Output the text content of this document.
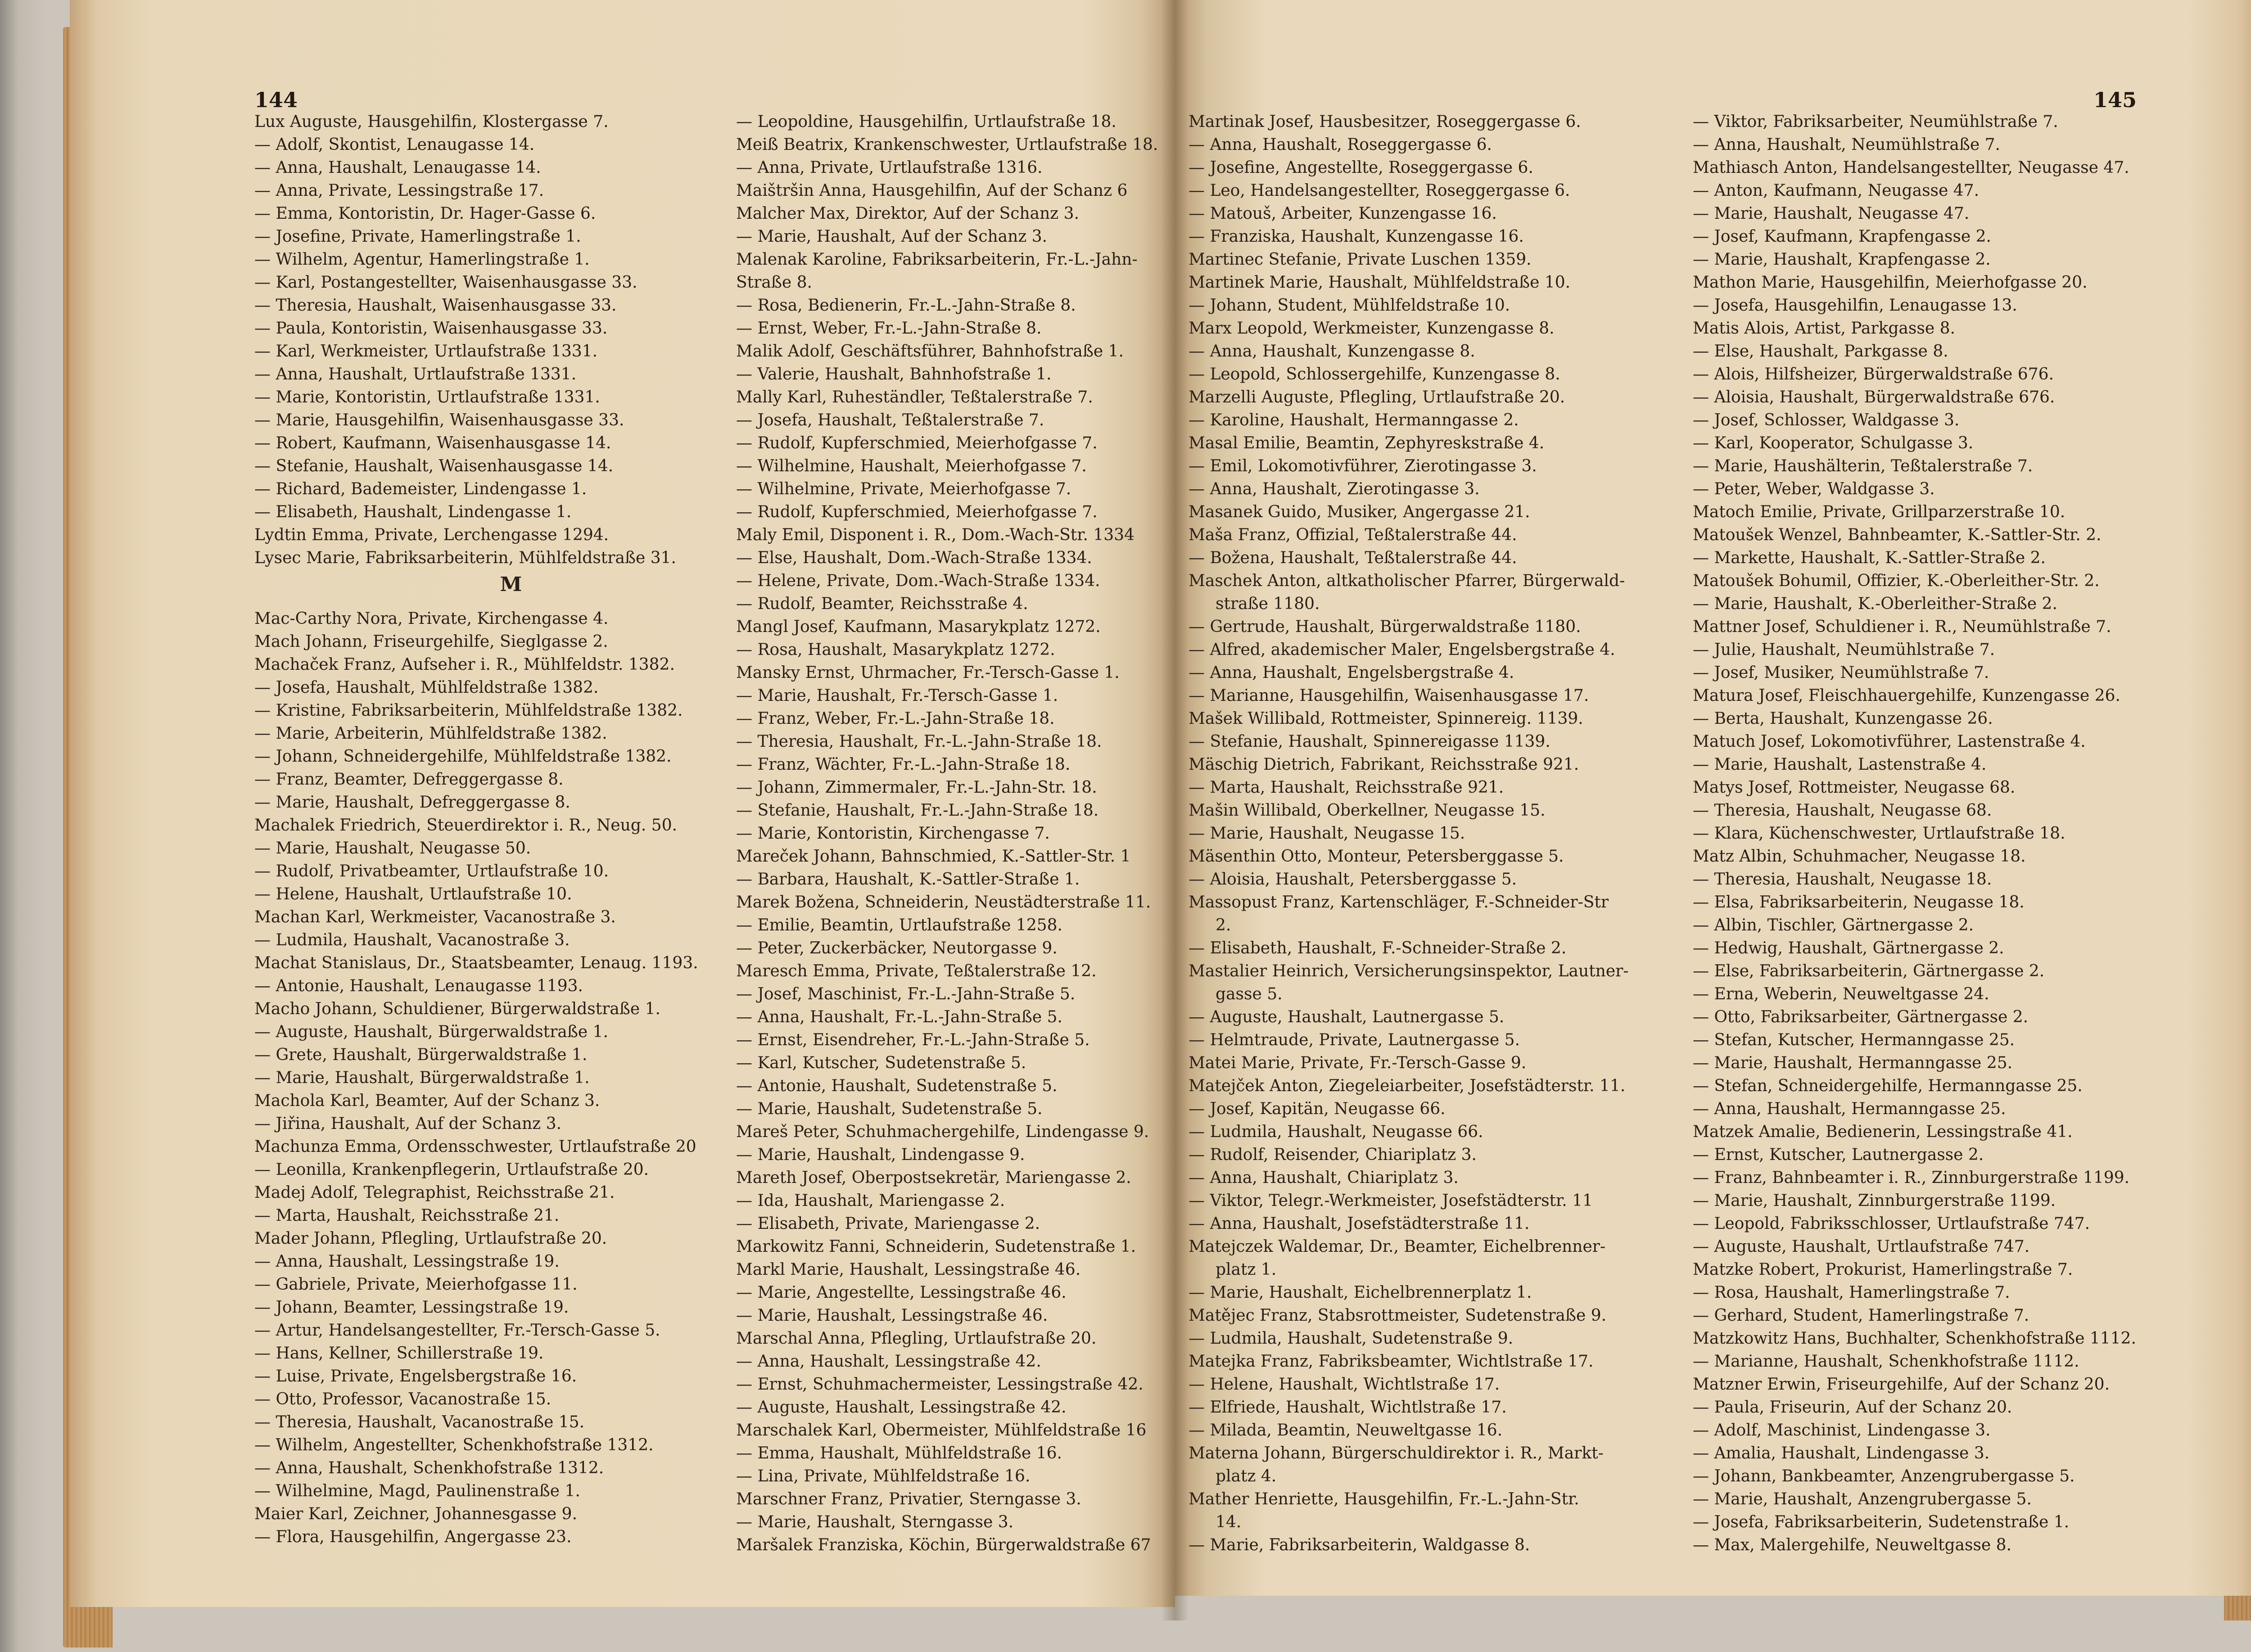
144
Lux Auguste, Hausgehilfin, Klostergasse 7.
— Adolf, Skontist, Lenaugasse 14.
— Anna, Haushalt, Lenaugasse 14.
— Anna, Private, Lessingstraße 17.
— Emma, Kontoristin, Dr. Hager-Gasse 6.
— Josefine, Private, Hamerlingstraße 1.
— Wilhelm, Agentur, Hamerlingstraße 1.
— Karl, Postangestellter, Waisenhausgasse 33.
— Theresia, Haushalt, Waisenhausgasse 33.
— Paula, Kontoristin, Waisenhausgasse 33.
— Karl, Werkmeister, Urtlaufstraße 1331.
— Anna, Haushalt, Urtlaufstraße 1331.
— Marie, Kontoristin, Urtlaufstraße 1331.
— Marie, Hausgehilfin, Waisenhausgasse 33.
— Robert, Kaufmann, Waisenhausgasse 14.
— Stefanie, Haushalt, Waisenhausgasse 14.
— Richard, Bademeister, Lindengasse 1.
— Elisabeth, Haushalt, Lindengasse 1.
Lydtin Emma, Private, Lerchengasse 1294.
Lysec Marie, Fabriksarbeiterin, Mühlfeldstraße 31.
M
Mac-Carthy Nora, Private, Kirchengasse 4.
Mach Johann, Friseurgehilfe, Sieglgasse 2.
Machaček Franz, Aufseher i. R., Mühlfeldstr. 1382.
— Josefa, Haushalt, Mühlfeldstraße 1382.
— Kristine, Fabriksarbeiterin, Mühlfeldstraße 1382.
— Marie, Arbeiterin, Mühlfeldstraße 1382.
— Johann, Schneidergehilfe, Mühlfeldstraße 1382.
— Franz, Beamter, Defreggergasse 8.
— Marie, Haushalt, Defreggergasse 8.
Machalek Friedrich, Steuerdirektor i. R., Neug. 50.
— Marie, Haushalt, Neugasse 50.
— Rudolf, Privatbeamter, Urtlaufstraße 10.
— Helene, Haushalt, Urtlaufstraße 10.
Machan Karl, Werkmeister, Vacanostraße 3.
— Ludmila, Haushalt, Vacanostraße 3.
Machat Stanislaus, Dr., Staatsbeamter, Lenaug. 1193.
— Antonie, Haushalt, Lenaugasse 1193.
Macho Johann, Schuldiener, Bürgerwaldstraße 1.
— Auguste, Haushalt, Bürgerwaldstraße 1.
— Grete, Haushalt, Bürgerwaldstraße 1.
— Marie, Haushalt, Bürgerwaldstraße 1.
Machola Karl, Beamter, Auf der Schanz 3.
— Jiřina, Haushalt, Auf der Schanz 3.
Machunza Emma, Ordensschwester, Urtlaufstraße 20
— Leonilla, Krankenpflegerin, Urtlaufstraße 20.
Madej Adolf, Telegraphist, Reichsstraße 21.
— Marta, Haushalt, Reichsstraße 21.
Mader Johann, Pflegling, Urtlaufstraße 20.
— Anna, Haushalt, Lessingstraße 19.
— Gabriele, Private, Meierhofgasse 11.
— Johann, Beamter, Lessingstraße 19.
— Artur, Handelsangestellter, Fr.-Tersch-Gasse 5.
— Hans, Kellner, Schillerstraße 19.
— Luise, Private, Engelsbergstraße 16.
— Otto, Professor, Vacanostraße 15.
— Theresia, Haushalt, Vacanostraße 15.
— Wilhelm, Angestellter, Schenkhofstraße 1312.
— Anna, Haushalt, Schenkhofstraße 1312.
— Wilhelmine, Magd, Paulinenstraße 1.
Maier Karl, Zeichner, Johannesgasse 9.
— Flora, Hausgehilfin, Angergasse 23.
— Leopoldine, Hausgehilfin, Urtlaufstraße 18.
Meiß Beatrix, Krankenschwester, Urtlaufstraße 18.
— Anna, Private, Urtlaufstraße 1316.
Maištršin Anna, Hausgehilfin, Auf der Schanz 6
Malcher Max, Direktor, Auf der Schanz 3.
— Marie, Haushalt, Auf der Schanz 3.
Malenak Karoline, Fabriksarbeiterin, Fr.-L.-Jahn-
Straße 8.
— Rosa, Bedienerin, Fr.-L.-Jahn-Straße 8.
— Ernst, Weber, Fr.-L.-Jahn-Straße 8.
Malik Adolf, Geschäftsführer, Bahnhofstraße 1.
— Valerie, Haushalt, Bahnhofstraße 1.
Mally Karl, Ruheständler, Teßtalerstraße 7.
— Josefa, Haushalt, Teßtalerstraße 7.
— Rudolf, Kupferschmied, Meierhofgasse 7.
— Wilhelmine, Haushalt, Meierhofgasse 7.
— Wilhelmine, Private, Meierhofgasse 7.
— Rudolf, Kupferschmied, Meierhofgasse 7.
Maly Emil, Disponent i. R., Dom.-Wach-Str. 1334
— Else, Haushalt, Dom.-Wach-Straße 1334.
— Helene, Private, Dom.-Wach-Straße 1334.
— Rudolf, Beamter, Reichsstraße 4.
Mangl Josef, Kaufmann, Masarykplatz 1272.
— Rosa, Haushalt, Masarykplatz 1272.
Mansky Ernst, Uhrmacher, Fr.-Tersch-Gasse 1.
— Marie, Haushalt, Fr.-Tersch-Gasse 1.
— Franz, Weber, Fr.-L.-Jahn-Straße 18.
— Theresia, Haushalt, Fr.-L.-Jahn-Straße 18.
— Franz, Wächter, Fr.-L.-Jahn-Straße 18.
— Johann, Zimmermaler, Fr.-L.-Jahn-Str. 18.
— Stefanie, Haushalt, Fr.-L.-Jahn-Straße 18.
— Marie, Kontoristin, Kirchengasse 7.
Mareček Johann, Bahnschmied, K.-Sattler-Str. 1
— Barbara, Haushalt, K.-Sattler-Straße 1.
Marek Božena, Schneiderin, Neustädterstraße 11.
— Emilie, Beamtin, Urtlaufstraße 1258.
— Peter, Zuckerbäcker, Neutorgasse 9.
Maresch Emma, Private, Teßtalerstraße 12.
— Josef, Maschinist, Fr.-L.-Jahn-Straße 5.
— Anna, Haushalt, Fr.-L.-Jahn-Straße 5.
— Ernst, Eisendreher, Fr.-L.-Jahn-Straße 5.
— Karl, Kutscher, Sudetenstraße 5.
— Antonie, Haushalt, Sudetenstraße 5.
— Marie, Haushalt, Sudetenstraße 5.
Mareš Peter, Schuhmachergehilfe, Lindengasse 9.
— Marie, Haushalt, Lindengasse 9.
Mareth Josef, Oberpostsekretär, Mariengasse 2.
— Ida, Haushalt, Mariengasse 2.
— Elisabeth, Private, Mariengasse 2.
Markowitz Fanni, Schneiderin, Sudetenstraße 1.
Markl Marie, Haushalt, Lessingstraße 46.
— Marie, Angestellte, Lessingstraße 46.
— Marie, Haushalt, Lessingstraße 46.
Marschal Anna, Pflegling, Urtlaufstraße 20.
— Anna, Haushalt, Lessingstraße 42.
— Ernst, Schuhmachermeister, Lessingstraße 42.
— Auguste, Haushalt, Lessingstraße 42.
Marschalek Karl, Obermeister, Mühlfeldstraße 16
— Emma, Haushalt, Mühlfeldstraße 16.
— Lina, Private, Mühlfeldstraße 16.
Marschner Franz, Privatier, Sterngasse 3.
— Marie, Haushalt, Sterngasse 3.
Maršalek Franziska, Köchin, Bürgerwaldstraße 67
145
Martinak Josef, Hausbesitzer, Roseggergasse 6.
— Anna, Haushalt, Roseggergasse 6.
— Josefine, Angestellte, Roseggergasse 6.
— Leo, Handelsangestellter, Roseggergasse 6.
— Matouš, Arbeiter, Kunzengasse 16.
— Franziska, Haushalt, Kunzengasse 16.
Martinec Stefanie, Private Luschen 1359.
Martinek Marie, Haushalt, Mühlfeldstraße 10.
— Johann, Student, Mühlfeldstraße 10.
Marx Leopold, Werkmeister, Kunzengasse 8.
— Anna, Haushalt, Kunzengasse 8.
— Leopold, Schlossergehilfe, Kunzengasse 8.
Marzelli Auguste, Pflegling, Urtlaufstraße 20.
— Karoline, Haushalt, Hermanngasse 2.
Masal Emilie, Beamtin, Zephyreskstraße 4.
— Emil, Lokomotivführer, Zierotingasse 3.
— Anna, Haushalt, Zierotingasse 3.
Masanek Guido, Musiker, Angergasse 21.
Maša Franz, Offizial, Teßtalerstraße 44.
— Božena, Haushalt, Teßtalerstraße 44.
Maschek Anton, altkatholischer Pfarrer, Bürgerwald-
straße 1180.
— Gertrude, Haushalt, Bürgerwaldstraße 1180.
— Alfred, akademischer Maler, Engelsbergstraße 4.
— Anna, Haushalt, Engelsbergstraße 4.
— Marianne, Hausgehilfin, Waisenhausgasse 17.
Mašek Willibald, Rottmeister, Spinnereig. 1139.
— Stefanie, Haushalt, Spinnereigasse 1139.
Mäschig Dietrich, Fabrikant, Reichsstraße 921.
— Marta, Haushalt, Reichsstraße 921.
Mašin Willibald, Oberkellner, Neugasse 15.
— Marie, Haushalt, Neugasse 15.
Mäsenthin Otto, Monteur, Petersberggasse 5.
— Aloisia, Haushalt, Petersberggasse 5.
Massopust Franz, Kartenschläger, F.-Schneider-Str
2.
— Elisabeth, Haushalt, F.-Schneider-Straße 2.
Mastalier Heinrich, Versicherungsinspektor, Lautner-
gasse 5.
— Auguste, Haushalt, Lautnergasse 5.
— Helmtraude, Private, Lautnergasse 5.
Matei Marie, Private, Fr.-Tersch-Gasse 9.
Matejček Anton, Ziegeleiarbeiter, Josefstädterstr. 11.
— Josef, Kapitän, Neugasse 66.
— Ludmila, Haushalt, Neugasse 66.
— Rudolf, Reisender, Chiariplatz 3.
— Anna, Haushalt, Chiariplatz 3.
— Viktor, Telegr.-Werkmeister, Josefstädterstr. 11
— Anna, Haushalt, Josefstädterstraße 11.
Matejczek Waldemar, Dr., Beamter, Eichelbrenner-
platz 1.
— Marie, Haushalt, Eichelbrennerplatz 1.
Matějec Franz, Stabsrottmeister, Sudetenstraße 9.
— Ludmila, Haushalt, Sudetenstraße 9.
Matejka Franz, Fabriksbeamter, Wichtlstraße 17.
— Helene, Haushalt, Wichtlstraße 17.
— Elfriede, Haushalt, Wichtlstraße 17.
— Milada, Beamtin, Neuweltgasse 16.
Materna Johann, Bürgerschuldirektor i. R., Markt-
platz 4.
Mather Henriette, Hausgehilfin, Fr.-L.-Jahn-Str.
14.
— Marie, Fabriksarbeiterin, Waldgasse 8.
— Viktor, Fabriksarbeiter, Neumühlstraße 7.
— Anna, Haushalt, Neumühlstraße 7.
Mathiasch Anton, Handelsangestellter, Neugasse 47.
— Anton, Kaufmann, Neugasse 47.
— Marie, Haushalt, Neugasse 47.
— Josef, Kaufmann, Krapfengasse 2.
— Marie, Haushalt, Krapfengasse 2.
Mathon Marie, Hausgehilfin, Meierhofgasse 20.
— Josefa, Hausgehilfin, Lenaugasse 13.
Matis Alois, Artist, Parkgasse 8.
— Else, Haushalt, Parkgasse 8.
— Alois, Hilfsheizer, Bürgerwaldstraße 676.
— Aloisia, Haushalt, Bürgerwaldstraße 676.
— Josef, Schlosser, Waldgasse 3.
— Karl, Kooperator, Schulgasse 3.
— Marie, Haushälterin, Teßtalerstraße 7.
— Peter, Weber, Waldgasse 3.
Matoch Emilie, Private, Grillparzerstraße 10.
Matoušek Wenzel, Bahnbeamter, K.-Sattler-Str. 2.
— Markette, Haushalt, K.-Sattler-Straße 2.
Matoušek Bohumil, Offizier, K.-Oberleither-Str. 2.
— Marie, Haushalt, K.-Oberleither-Straße 2.
Mattner Josef, Schuldiener i. R., Neumühlstraße 7.
— Julie, Haushalt, Neumühlstraße 7.
— Josef, Musiker, Neumühlstraße 7.
Matura Josef, Fleischhauergehilfe, Kunzengasse 26.
— Berta, Haushalt, Kunzengasse 26.
Matuch Josef, Lokomotivführer, Lastenstraße 4.
— Marie, Haushalt, Lastenstraße 4.
Matys Josef, Rottmeister, Neugasse 68.
— Theresia, Haushalt, Neugasse 68.
— Klara, Küchenschwester, Urtlaufstraße 18.
Matz Albin, Schuhmacher, Neugasse 18.
— Theresia, Haushalt, Neugasse 18.
— Elsa, Fabriksarbeiterin, Neugasse 18.
— Albin, Tischler, Gärtnergasse 2.
— Hedwig, Haushalt, Gärtnergasse 2.
— Else, Fabriksarbeiterin, Gärtnergasse 2.
— Erna, Weberin, Neuweltgasse 24.
— Otto, Fabriksarbeiter, Gärtnergasse 2.
— Stefan, Kutscher, Hermanngasse 25.
— Marie, Haushalt, Hermanngasse 25.
— Stefan, Schneidergehilfe, Hermanngasse 25.
— Anna, Haushalt, Hermanngasse 25.
Matzek Amalie, Bedienerin, Lessingstraße 41.
— Ernst, Kutscher, Lautnergasse 2.
— Franz, Bahnbeamter i. R., Zinnburgerstraße 1199.
— Marie, Haushalt, Zinnburgerstraße 1199.
— Leopold, Fabriksschlosser, Urtlaufstraße 747.
— Auguste, Haushalt, Urtlaufstraße 747.
Matzke Robert, Prokurist, Hamerlingstraße 7.
— Rosa, Haushalt, Hamerlingstraße 7.
— Gerhard, Student, Hamerlingstraße 7.
Matzkowitz Hans, Buchhalter, Schenkhofstraße 1112.
— Marianne, Haushalt, Schenkhofstraße 1112.
Matzner Erwin, Friseurgehilfe, Auf der Schanz 20.
— Paula, Friseurin, Auf der Schanz 20.
— Adolf, Maschinist, Lindengasse 3.
— Amalia, Haushalt, Lindengasse 3.
— Johann, Bankbeamter, Anzengrubergasse 5.
— Marie, Haushalt, Anzengrubergasse 5.
— Josefa, Fabriksarbeiterin, Sudetenstraße 1.
— Max, Malergehilfe, Neuweltgasse 8.
